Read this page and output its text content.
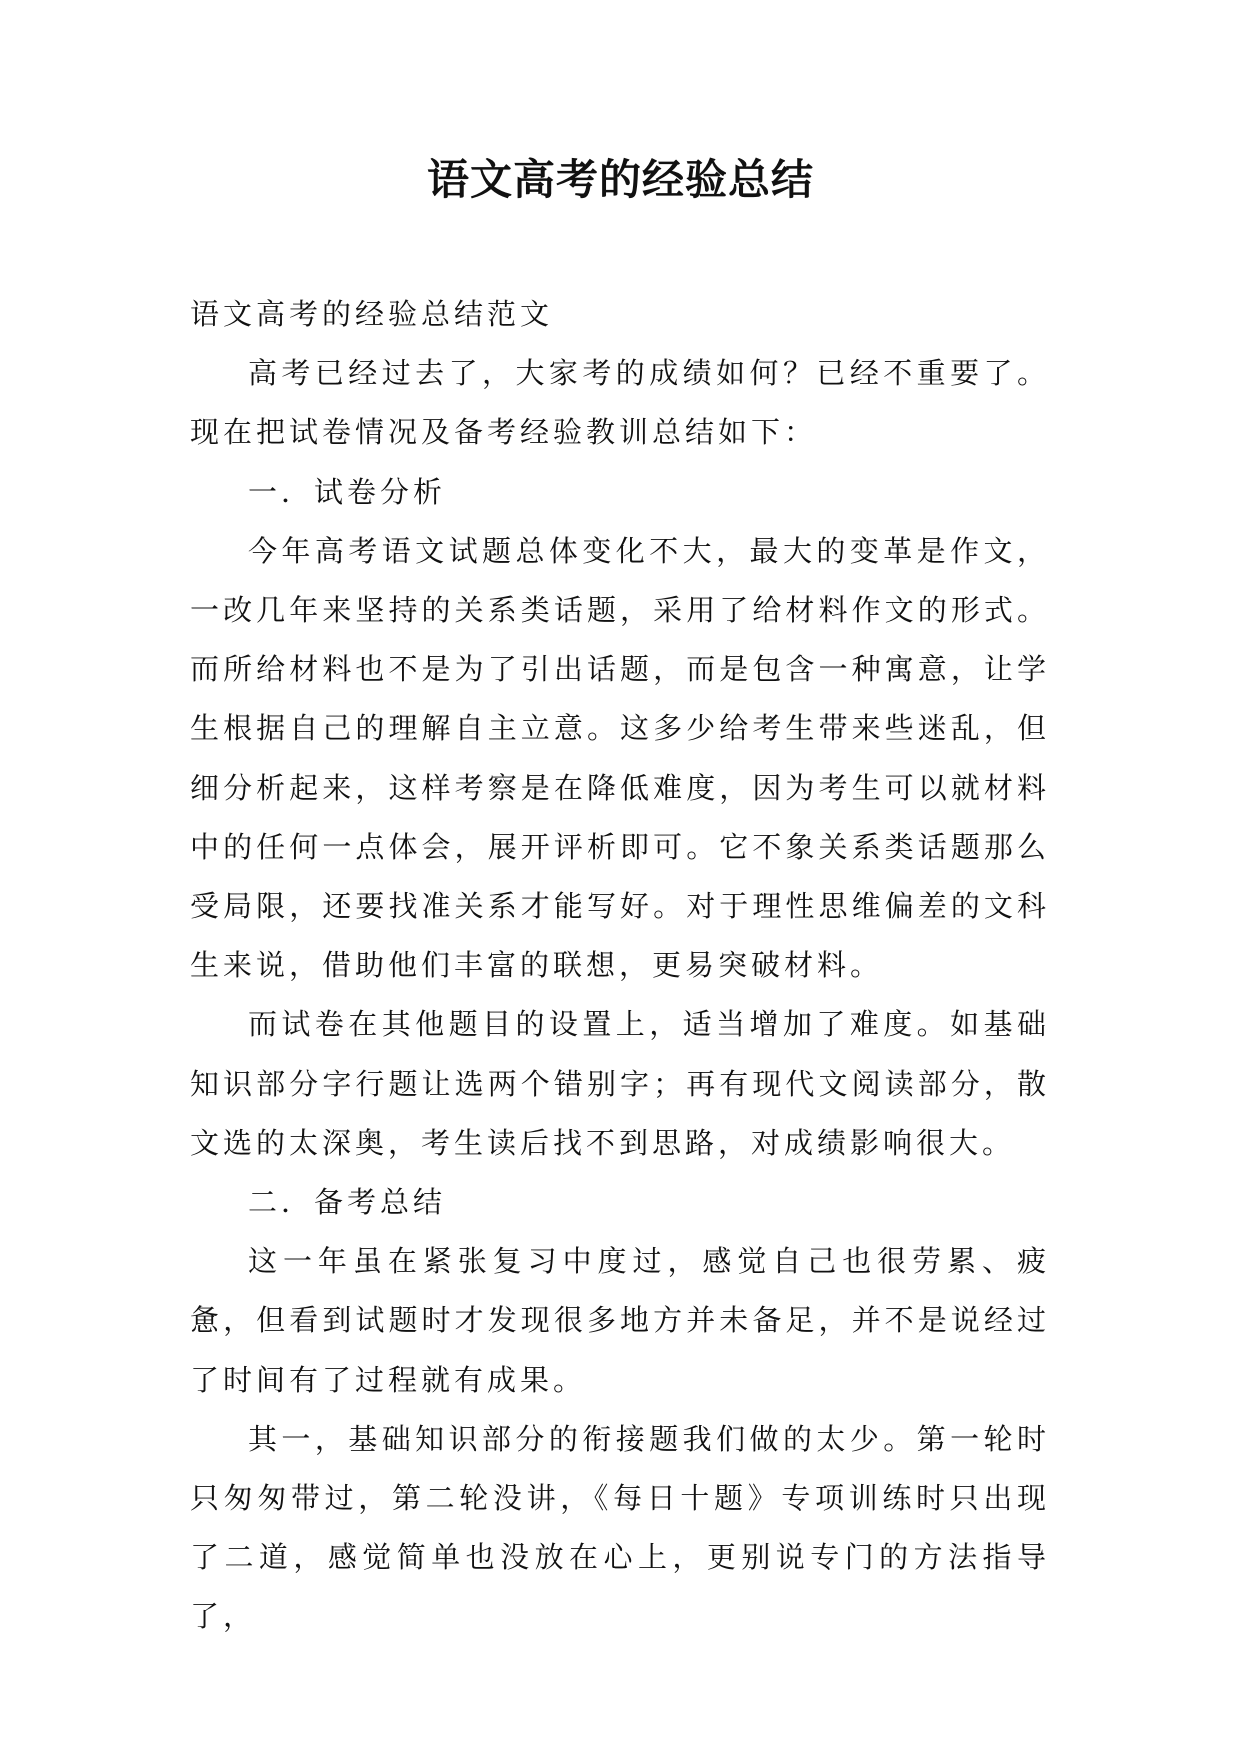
语文高考的经验总结

语文高考的经验总结范文

高考已经过去了，大家考的成绩如何？已经不重要了。现在把试卷情况及备考经验教训总结如下：

一．试卷分析

今年高考语文试题总体变化不大，最大的变革是作文，一改几年来坚持的关系类话题，采用了给材料作文的形式。而所给材料也不是为了引出话题，而是包含一种寓意，让学生根据自己的理解自主立意。这多少给考生带来些迷乱，但细分析起来，这样考察是在降低难度，因为考生可以就材料中的任何一点体会，展开评析即可。它不象关系类话题那么受局限，还要找准关系才能写好。对于理性思维偏差的文科生来说，借助他们丰富的联想，更易突破材料。

而试卷在其他题目的设置上，适当增加了难度。如基础知识部分字行题让选两个错别字；再有现代文阅读部分，散文选的太深奥，考生读后找不到思路，对成绩影响很大。

二．备考总结

这一年虽在紧张复习中度过，感觉自己也很劳累、疲惫，但看到试题时才发现很多地方并未备足，并不是说经过了时间有了过程就有成果。

其一，基础知识部分的衔接题我们做的太少。第一轮时只匆匆带过，第二轮没讲，《每日十题》专项训练时只出现了二道，感觉简单也没放在心上，更别说专门的方法指导了，
